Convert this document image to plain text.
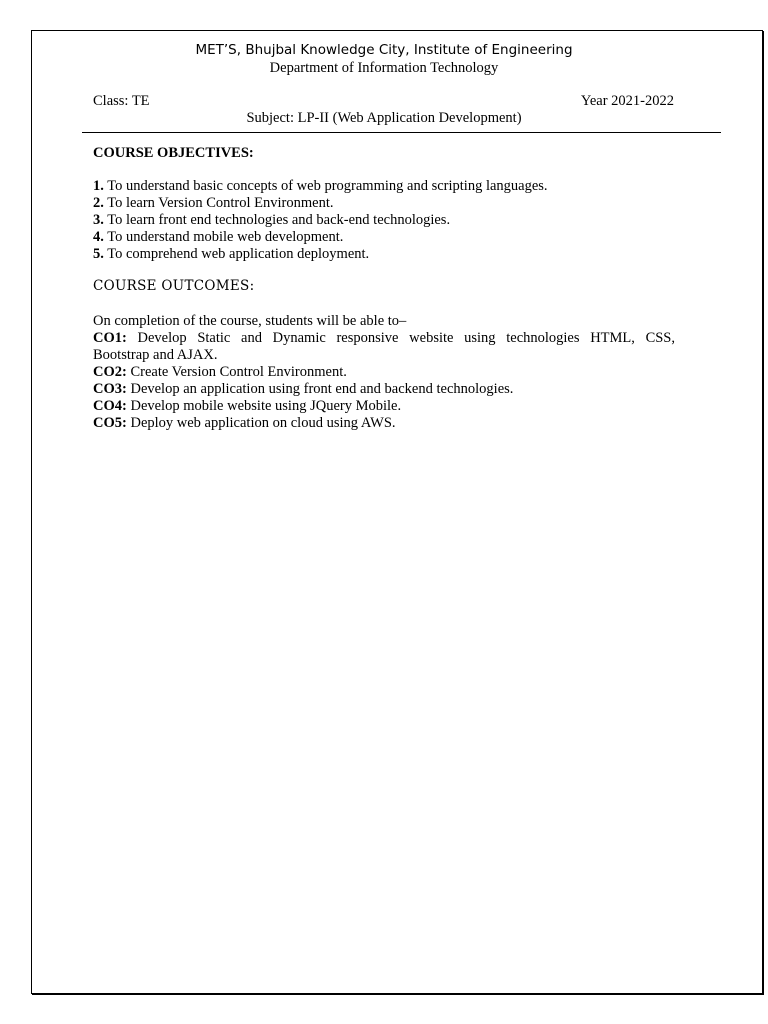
MET’S, Bhujbal Knowledge City, Institute of Engineering
Department of Information Technology
Class: TE	Year 2021-2022
Subject: LP-II (Web Application Development)
COURSE OBJECTIVES:
1. To understand basic concepts of web programming and scripting languages.
2. To learn Version Control Environment.
3. To learn front end technologies and back-end technologies.
4. To understand mobile web development.
5. To comprehend web application deployment.
COURSE OUTCOMES:
On completion of the course, students will be able to–
CO1: Develop Static and Dynamic responsive website using technologies HTML, CSS,
Bootstrap and AJAX.
CO2: Create Version Control Environment.
CO3: Develop an application using front end and backend technologies.
CO4: Develop mobile website using JQuery Mobile.
CO5: Deploy web application on cloud using AWS.
